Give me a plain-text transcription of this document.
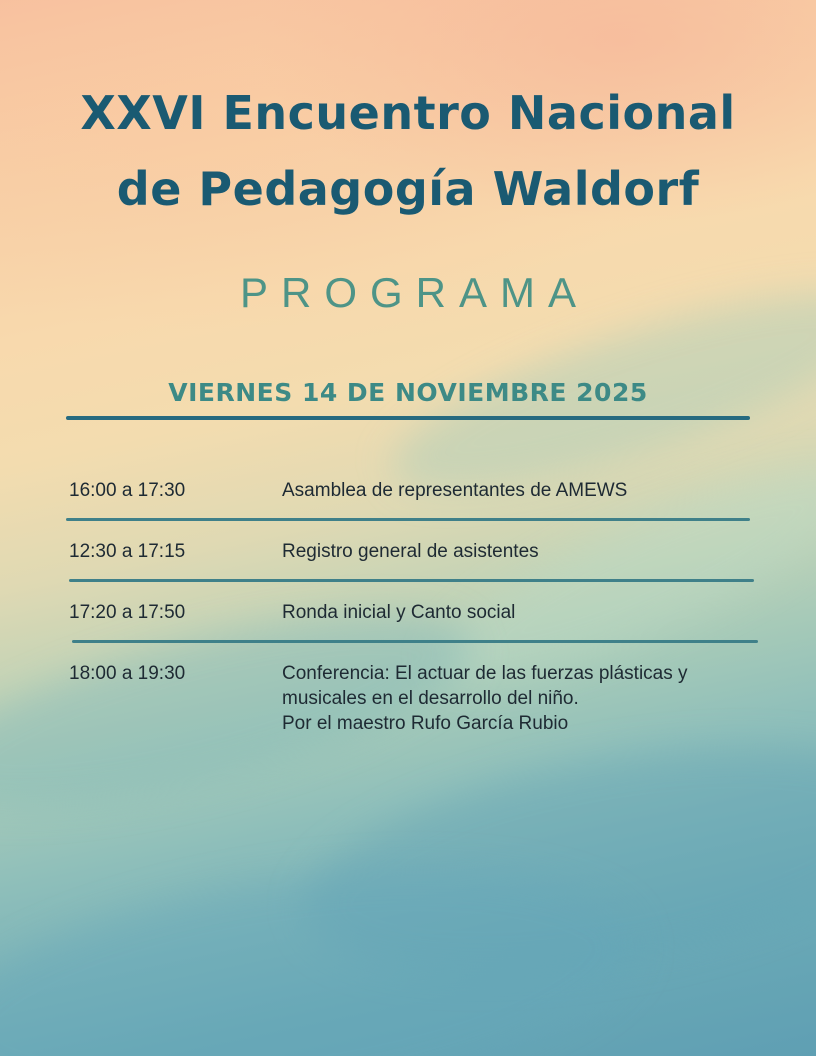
XXVI Encuentro Nacional
de Pedagogía Waldorf
PROGRAMA
VIERNES 14 DE NOVIEMBRE 2025
16:00 a 17:30	Asamblea de representantes de AMEWS
12:30 a 17:15	Registro general de asistentes
17:20 a 17:50	Ronda inicial y Canto social
18:00 a 19:30	Conferencia: El actuar de las fuerzas plásticas y
musicales en el desarrollo del niño.
Por el maestro Rufo García Rubio
